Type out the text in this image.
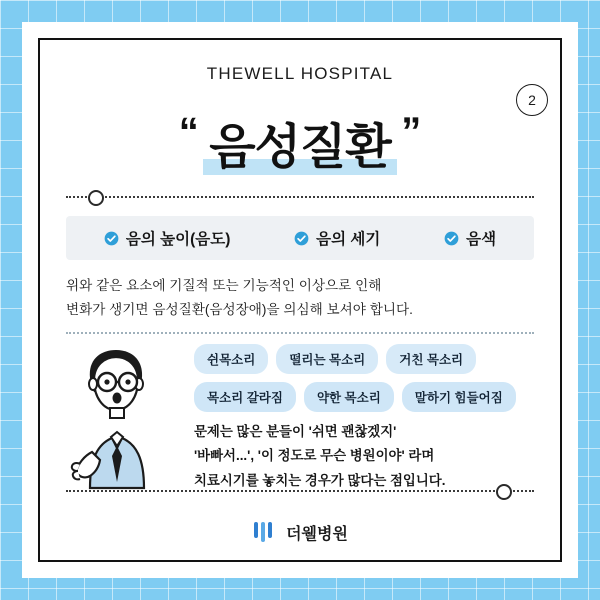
THEWELL HOSPITAL
2
“ 음성질환 ”
음의 높이(음도)	음의 세기	음색
위와 같은 요소에 기질적 또는 기능적인 이상으로 인해
변화가 생기면 음성질환(음성장애)을 의심해 보셔야 합니다.
쉰목소리	떨리는 목소리	거친 목소리
목소리 갈라짐	약한 목소리	말하기 힘들어짐
문제는 많은 분들이 '쉬면 괜찮겠지'
'바빠서...', '이 정도로 무슨 병원이야' 라며
치료시기를 놓치는 경우가 많다는 점입니다.
더웰병원
